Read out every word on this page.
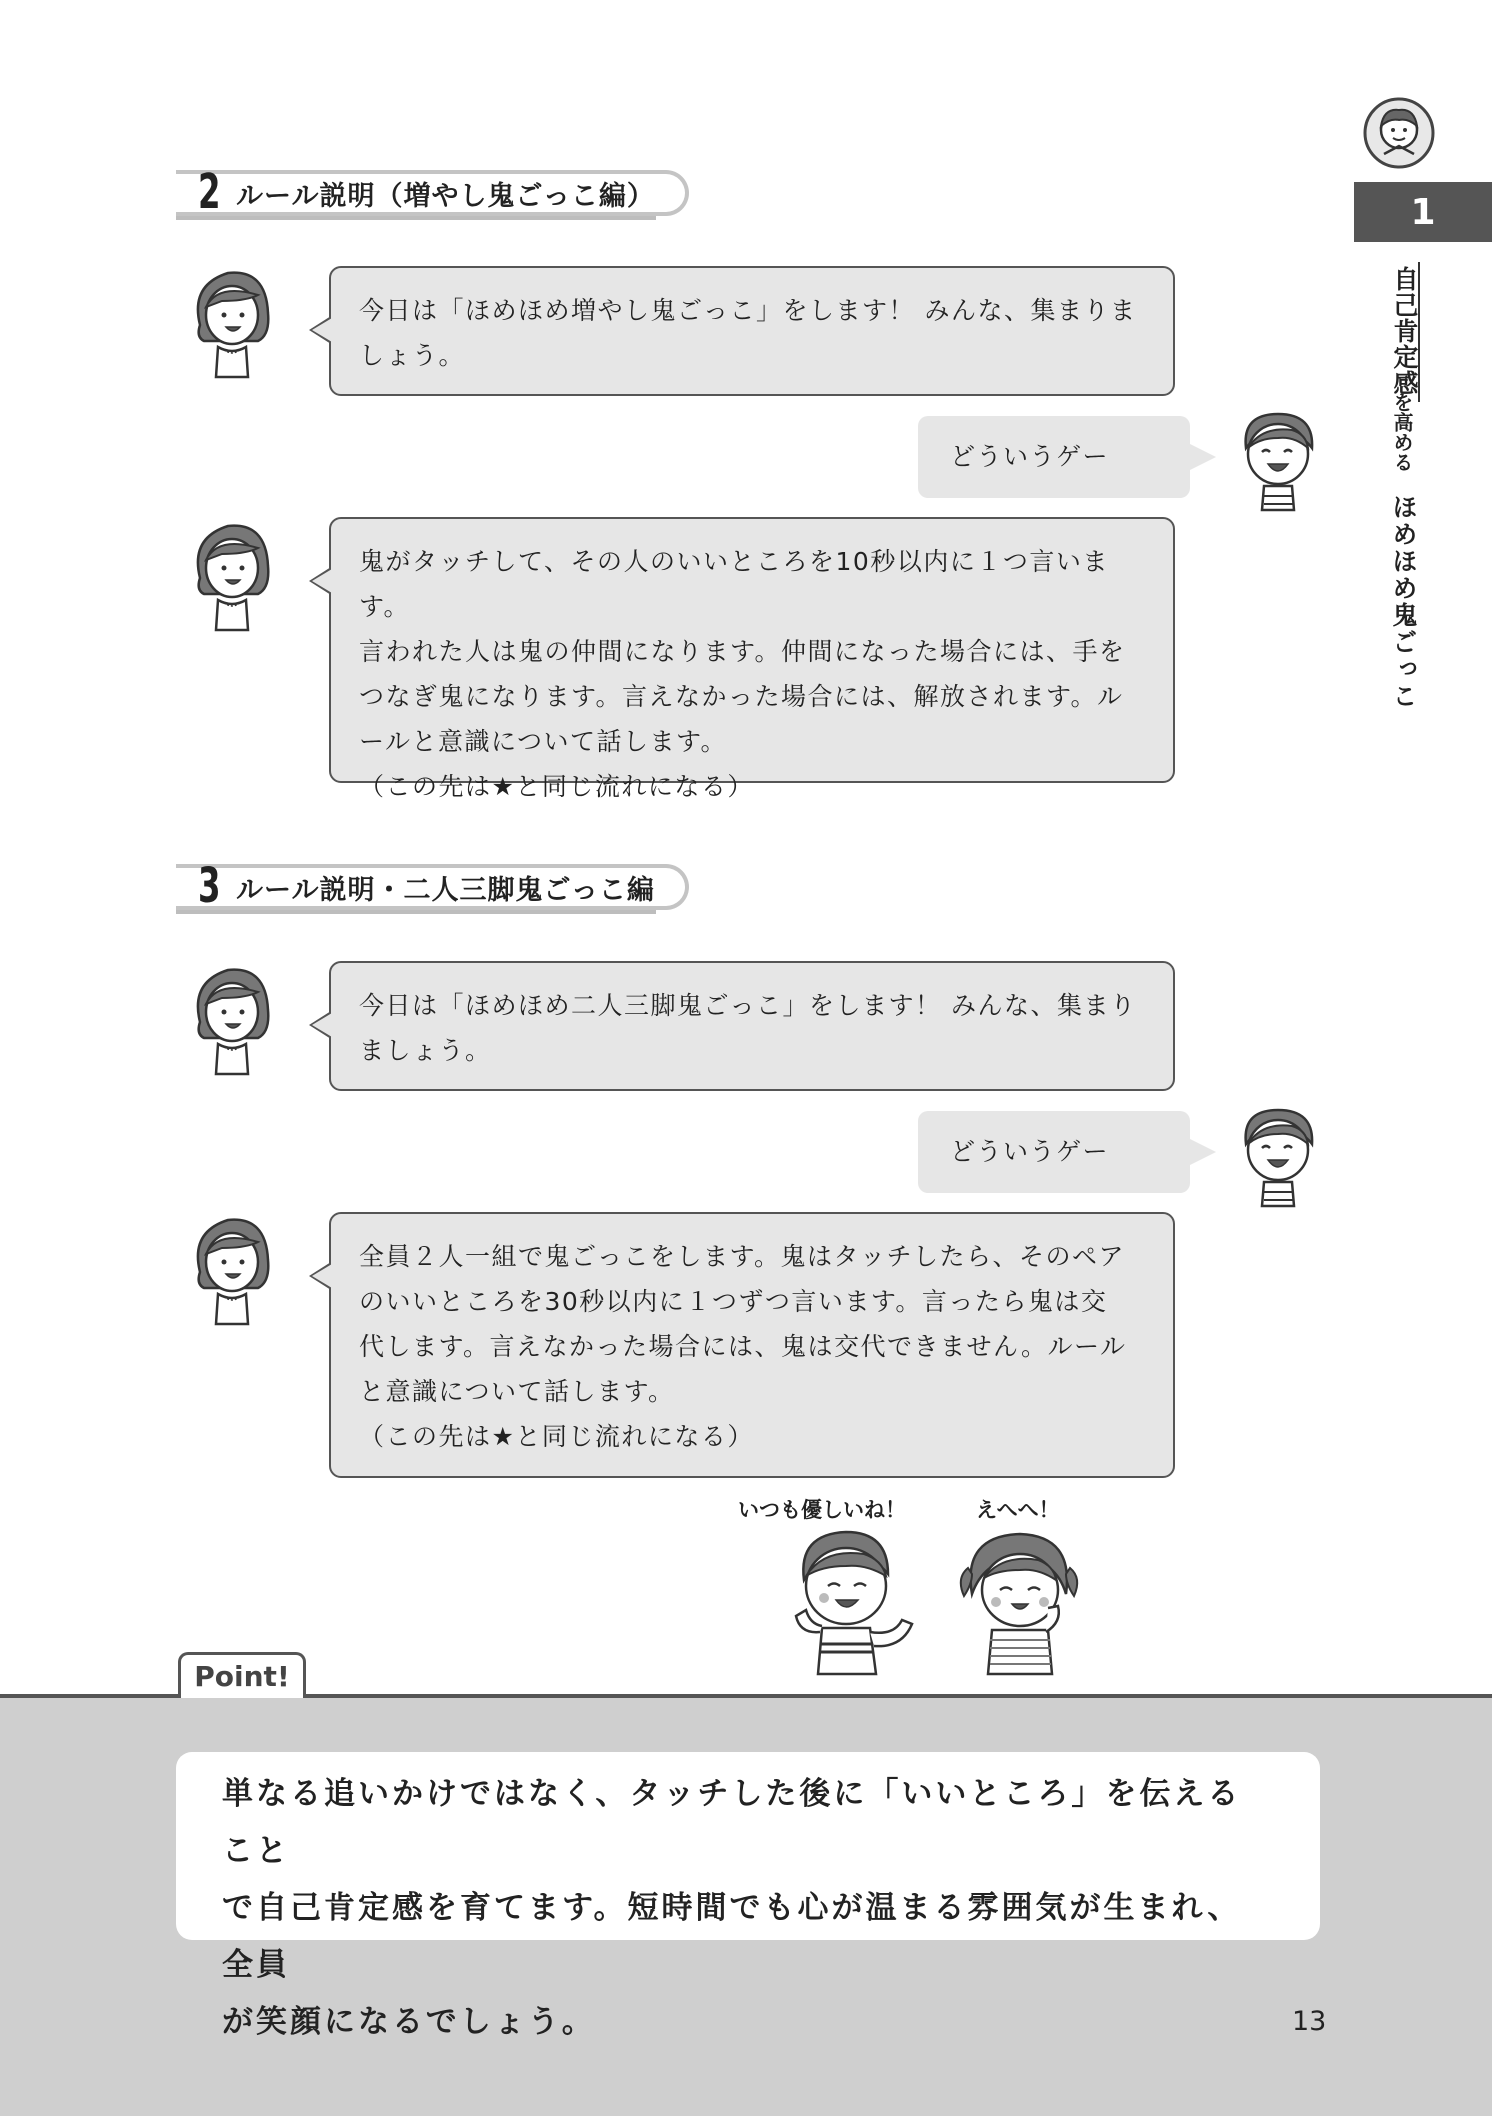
1
自己肯定感
を高める
ほめほめ鬼ごっこ
2 ルール説明（増やし鬼ごっこ編）
今日は「ほめほめ増やし鬼ごっこ」をします！ みんな、集まりましょう。
どういうゲー
鬼がタッチして、その人のいいところを10秒以内に１つ言います。
言われた人は鬼の仲間になります。仲間になった場合には、手を
つなぎ鬼になります。言えなかった場合には、解放されます。ル
ールと意識について話します。
（この先は★と同じ流れになる）
3 ルール説明・二人三脚鬼ごっこ編
今日は「ほめほめ二人三脚鬼ごっこ」をします！ みんな、集まりましょう。
どういうゲー
全員２人一組で鬼ごっこをします。鬼はタッチしたら、そのペア
のいいところを30秒以内に１つずつ言います。言ったら鬼は交
代します。言えなかった場合には、鬼は交代できません。ルール
と意識について話します。
（この先は★と同じ流れになる）
いつも優しいね！	えへへ！
Point!
単なる追いかけではなく、タッチした後に「いいところ」を伝えること
で自己肯定感を育てます。短時間でも心が温まる雰囲気が生まれ、全員
が笑顔になるでしょう。	13
